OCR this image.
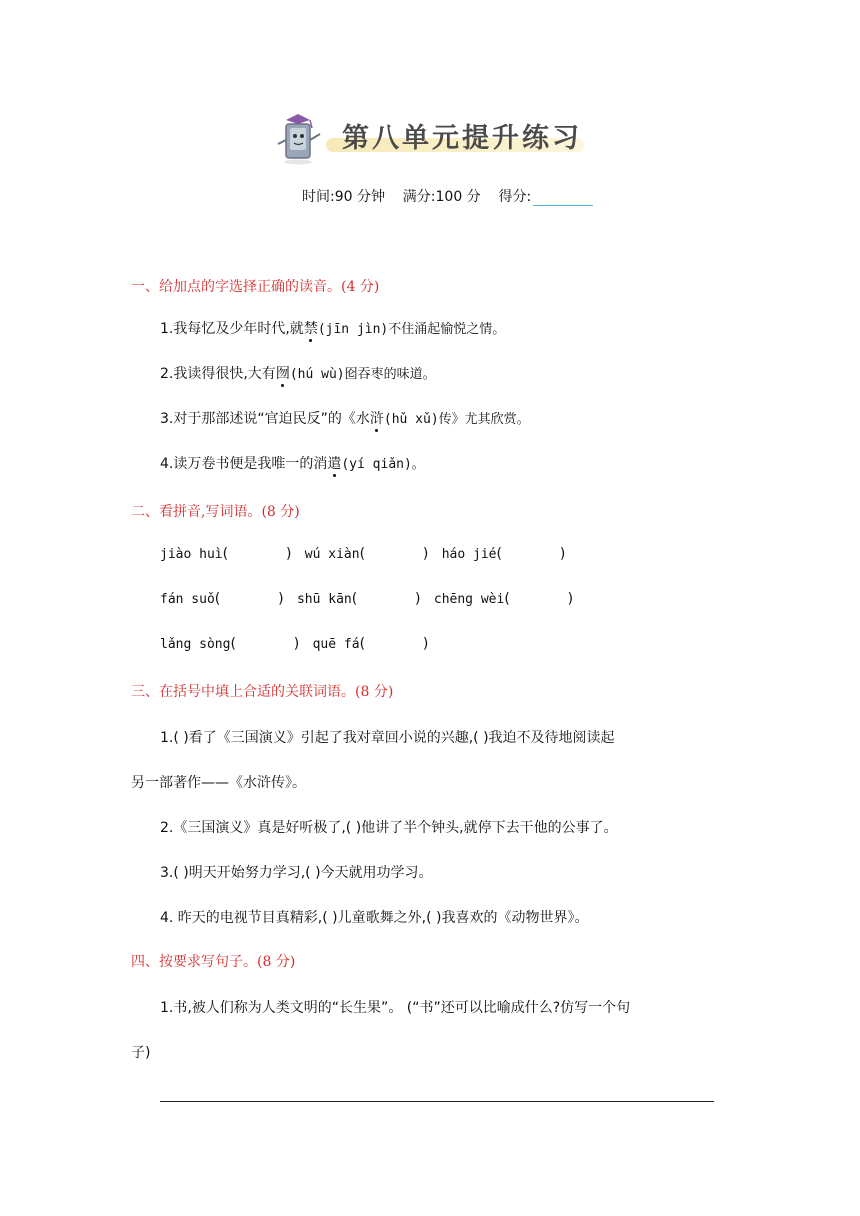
第八单元提升练习
时间:90 分钟 满分:100 分 得分:
一、给加点的字选择正确的读音。(4 分)
1.我每忆及少年时代,就禁(jīn jìn)不住涌起愉悦之情。
2.我读得很快,大有囫(hú wù)囵吞枣的味道。
3.对于那部述说“官迫民反”的《水浒(hǔ xǔ)传》尤其欣赏。
4.读万卷书便是我唯一的消遣(yí qiǎn)。
二、看拼音,写词语。(8 分)
jiào huì(             ) wú xiàn(             ) háo jié(             )
fán suǒ(             ) shū kān(             ) chēng wèi(             )
lǎng sòng(             ) quē fá(             )
三、在括号中填上合适的关联词语。(8 分)
1.( )看了《三国演义》引起了我对章回小说的兴趣,( )我迫不及待地阅读起
另一部著作——《水浒传》。
2.《三国演义》真是好听极了,( )他讲了半个钟头,就停下去干他的公事了。
3.( )明天开始努力学习,( )今天就用功学习。
4. 昨天的电视节目真精彩,( )儿童歌舞之外,( )我喜欢的《动物世界》。
四、按要求写句子。(8 分)
1.书,被人们称为人类文明的“长生果”。 (“书”还可以比喻成什么?仿写一个句
子)
